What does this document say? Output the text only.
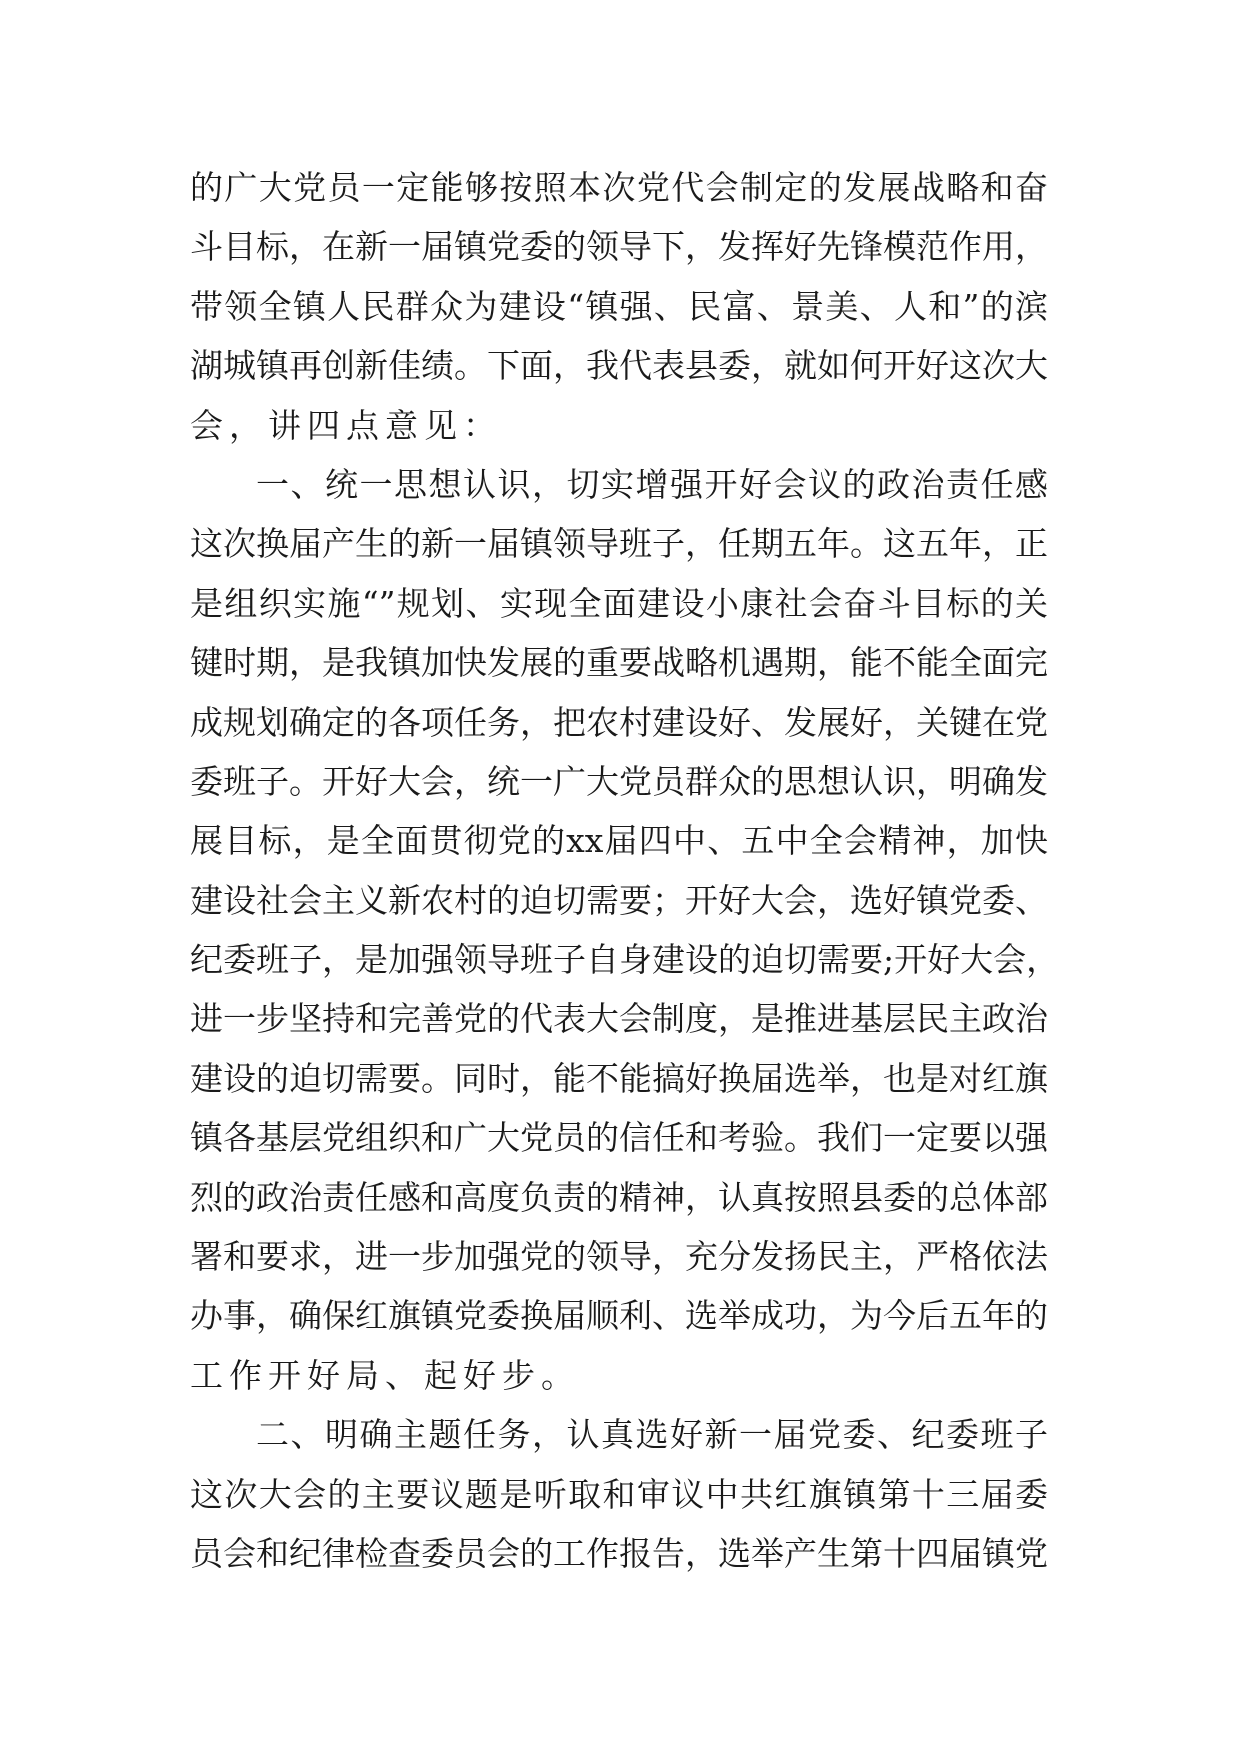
的广大党员一定能够按照本次党代会制定的发展战略和奋
斗目标，在新一届镇党委的领导下，发挥好先锋模范作用，
带领全镇人民群众为建设“镇强、民富、景美、人和”的滨
湖城镇再创新佳绩。下面，我代表县委，就如何开好这次大
会，讲四点意见：
一、统一思想认识，切实增强开好会议的政治责任感
这次换届产生的新一届镇领导班子，任期五年。这五年，正
是组织实施“”规划、实现全面建设小康社会奋斗目标的关
键时期，是我镇加快发展的重要战略机遇期，能不能全面完
成规划确定的各项任务，把农村建设好、发展好，关键在党
委班子。开好大会，统一广大党员群众的思想认识，明确发
展目标，是全面贯彻党的xx届四中、五中全会精神，加快
建设社会主义新农村的迫切需要；开好大会，选好镇党委、
纪委班子，是加强领导班子自身建设的迫切需要;开好大会，
进一步坚持和完善党的代表大会制度，是推进基层民主政治
建设的迫切需要。同时，能不能搞好换届选举，也是对红旗
镇各基层党组织和广大党员的信任和考验。我们一定要以强
烈的政治责任感和高度负责的精神，认真按照县委的总体部
署和要求，进一步加强党的领导，充分发扬民主，严格依法
办事，确保红旗镇党委换届顺利、选举成功，为今后五年的
工作开好局、起好步。
二、明确主题任务，认真选好新一届党委、纪委班子
这次大会的主要议题是听取和审议中共红旗镇第十三届委
员会和纪律检查委员会的工作报告，选举产生第十四届镇党
